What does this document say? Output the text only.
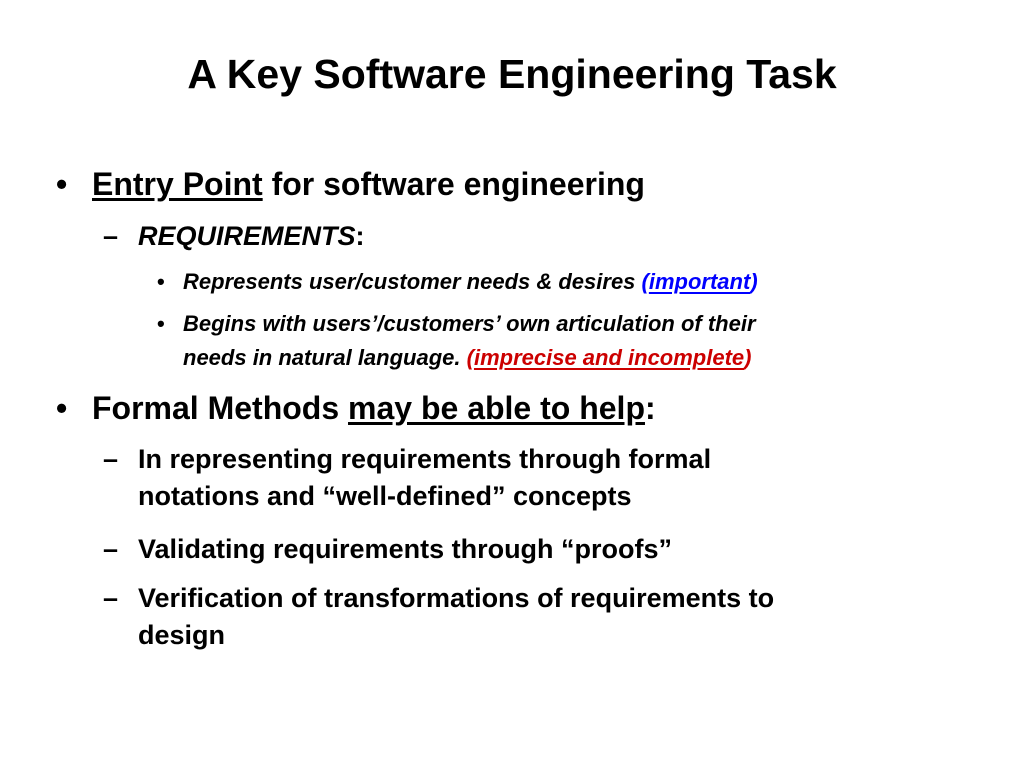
A Key Software Engineering Task
• Entry Point for software engineering
– REQUIREMENTS:
• Represents user/customer needs & desires (important)
• Begins with users’/customers’ own articulation of their
needs in natural language. (imprecise and incomplete)
• Formal Methods may be able to help:
– In representing requirements through formal
notations and “well-defined” concepts
– Validating requirements through “proofs”
– Verification of transformations of requirements to
design
